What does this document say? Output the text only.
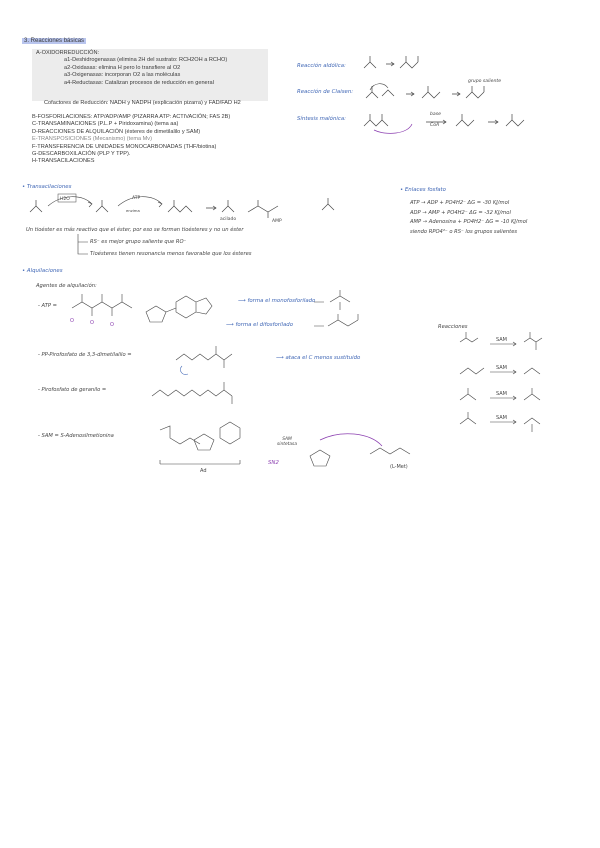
3. Reacciones básicas
A-OXIDORREDUCCIÓN:
a1-Deshidrogenasas (elimina 2H del sustrato: RCH2OH a RCHO)
a2-Oxidasas: elimina H pero lo transfiere al O2
a3-Oxigenasas: incorporan O2 a las moléculas
a4-Reductasas: Catalizan procesos de reducción en general
Cofactores de Reducción: NADH y NADPH (explicación pizarra) y FAD/FAD H2
B-FOSFORILACIONES: ATP/ADP/AMP (PIZARRA ATP: ACTIVACIÓN; FAS 2B)
C-TRANSAMINACIONES (P.L.P + Piridoxamina) (tema aa)
D-REACCIONES DE ALQUILACIÓN (ésteres de dimetilalilo y SAM)
E-TRANSPOSICIONES (Mecanismo) (tema Mv)
F-TRANSFERENCIA DE UNIDADES MONOCARBONADAS (THF/biotina)
G-DESCARBOXILACIÓN (PLP Y TPP).
H-TRANSACILACIONES
Reacción aldólica:
Reacción de Claisen:
grupo saliente
Síntesis malónica:
base
CoA
• Transacilaciones
H2O	ATP
enzima
acilado	AMP
Un tioéster es más reactivo que el éster, por eso se forman tioésteres y no un éster
RS⁻ es mejor grupo saliente que RO⁻
Tioésteres tienen resonancia menos favorable que los ésteres
• Enlaces fosfato
ATP → ADP + PO4H2⁻ ΔG = -30 KJ/mol
ADP → AMP + PO4H2⁻ ΔG = -32 KJ/mol
AMP → Adenosina + PO4H2⁻ ΔG = -10 KJ/mol
siendo RPO4²⁻ o RS⁻ los grupos salientes
• Alquilaciones
Agentes de alquilación:
- ATP =
O	O	O
⟶ forma el monofosforilado
⟶ forma el difosforilado
- PP-Pirofosfato de 3,3-dimetilalilo =	⟶ ataca el C menos sustituido
- Pirofosfato de geranilo =
- SAM = S-Adenosilmetionina
Ad
SAM sintetasa
SN2
(L-Met)
Reacciones
SAM
SAM
SAM
SAM
